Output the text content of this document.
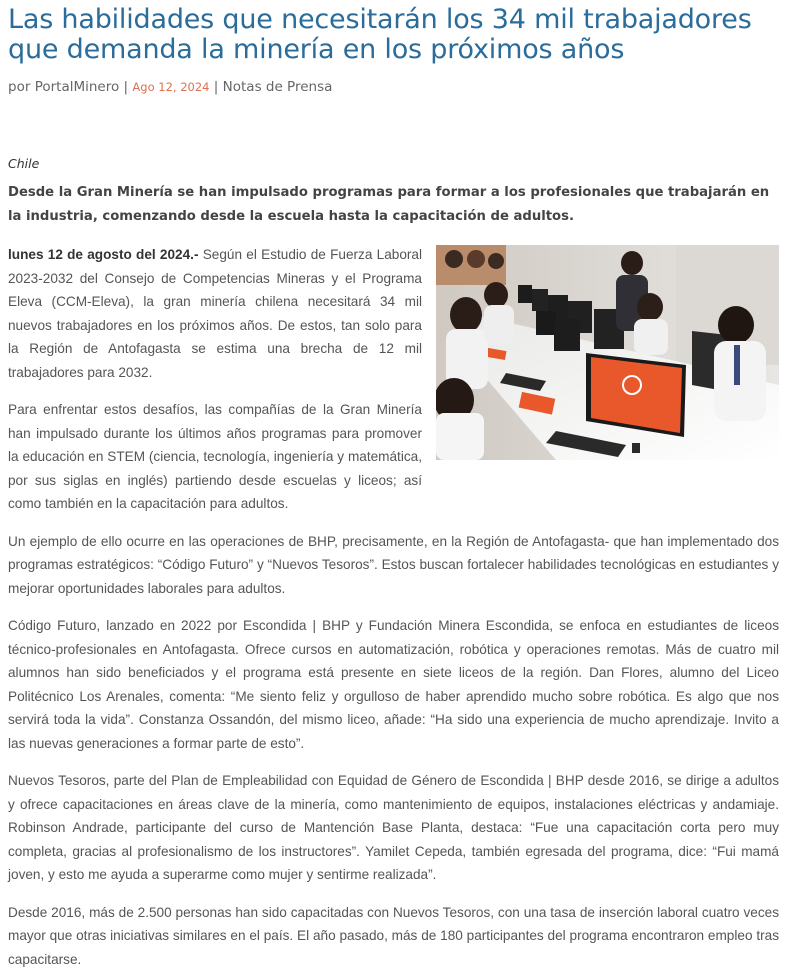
Las habilidades que necesitarán los 34 mil trabajadores que demanda la minería en los próximos años
por PortalMinero | Ago 12, 2024 | Notas de Prensa
Chile
Desde la Gran Minería se han impulsado programas para formar a los profesionales que trabajarán en la industria, comenzando desde la escuela hasta la capacitación de adultos.

lunes 12 de agosto del 2024.- Según el Estudio de Fuerza Laboral 2023-2032 del Consejo de Competencias Mineras y el Programa Eleva (CCM-Eleva), la gran minería chilena necesitará 34 mil nuevos trabajadores en los próximos años. De estos, tan solo para la Región de Antofagasta se estima una brecha de 12 mil trabajadores para 2032.

Para enfrentar estos desafíos, las compañías de la Gran Minería han impulsado durante los últimos años programas para promover la educación en STEM (ciencia, tecnología, ingeniería y matemática, por sus siglas en inglés) partiendo desde escuelas y liceos; así como también en la capacitación para adultos.

Un ejemplo de ello ocurre en las operaciones de BHP, precisamente, en la Región de Antofagasta- que han implementado dos programas estratégicos: “Código Futuro” y “Nuevos Tesoros”. Estos buscan fortalecer habilidades tecnológicas en estudiantes y mejorar oportunidades laborales para adultos.

Código Futuro, lanzado en 2022 por Escondida | BHP y Fundación Minera Escondida, se enfoca en estudiantes de liceos técnico-profesionales en Antofagasta. Ofrece cursos en automatización, robótica y operaciones remotas. Más de cuatro mil alumnos han sido beneficiados y el programa está presente en siete liceos de la región. Dan Flores, alumno del Liceo Politécnico Los Arenales, comenta: “Me siento feliz y orgulloso de haber aprendido mucho sobre robótica. Es algo que nos servirá toda la vida”. Constanza Ossandón, del mismo liceo, añade: “Ha sido una experiencia de mucho aprendizaje. Invito a las nuevas generaciones a formar parte de esto”.

Nuevos Tesoros, parte del Plan de Empleabilidad con Equidad de Género de Escondida | BHP desde 2016, se dirige a adultos y ofrece capacitaciones en áreas clave de la minería, como mantenimiento de equipos, instalaciones eléctricas y andamiaje. Robinson Andrade, participante del curso de Mantención Base Planta, destaca: “Fue una capacitación corta pero muy completa, gracias al profesionalismo de los instructores”. Yamilet Cepeda, también egresada del programa, dice: “Fui mamá joven, y esto me ayuda a superarme como mujer y sentirme realizada”.

Desde 2016, más de 2.500 personas han sido capacitadas con Nuevos Tesoros, con una tasa de inserción laboral cuatro veces mayor que otras iniciativas similares en el país. El año pasado, más de 180 participantes del programa encontraron empleo tras capacitarse.
